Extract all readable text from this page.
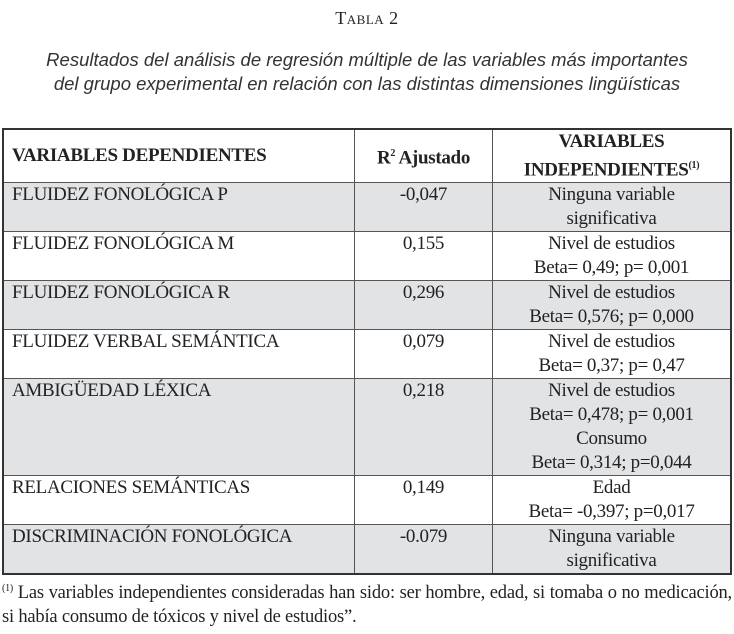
Tabla 2
Resultados del análisis de regresión múltiple de las variables más importantes
del grupo experimental en relación con las distintas dimensiones lingüísticas
VARIABLES DEPENDIENTES	$R^2$ Ajustado	VARIABLES
INDEPENDIENTES$^{(1)}$

FLUIDEZ FONOLÓGICA P	-0,047	Ninguna variable
significativa

FLUIDEZ FONOLÓGICA M	0,155	Nivel de estudios
Beta= 0,49; p= 0,001

FLUIDEZ FONOLÓGICA R	0,296	Nivel de estudios
Beta= 0,576; p= 0,000

FLUIDEZ VERBAL SEMÁNTICA	0,079	Nivel de estudios
Beta= 0,37; p= 0,47

AMBIGÜEDAD LÉXICA	0,218	Nivel de estudios
Beta= 0,478; p= 0,001
Consumo
Beta= 0,314; p=0,044

RELACIONES SEMÁNTICAS	0,149	Edad
Beta= -0,397; p=0,017

DISCRIMINACIÓN FONOLÓGICA	-0.079	Ninguna variable
significativa
$^{(1)}$ Las variables independientes consideradas han sido: ser hombre, edad, si tomaba o no medicación, si había consumo de tóxicos y nivel de estudios”.
